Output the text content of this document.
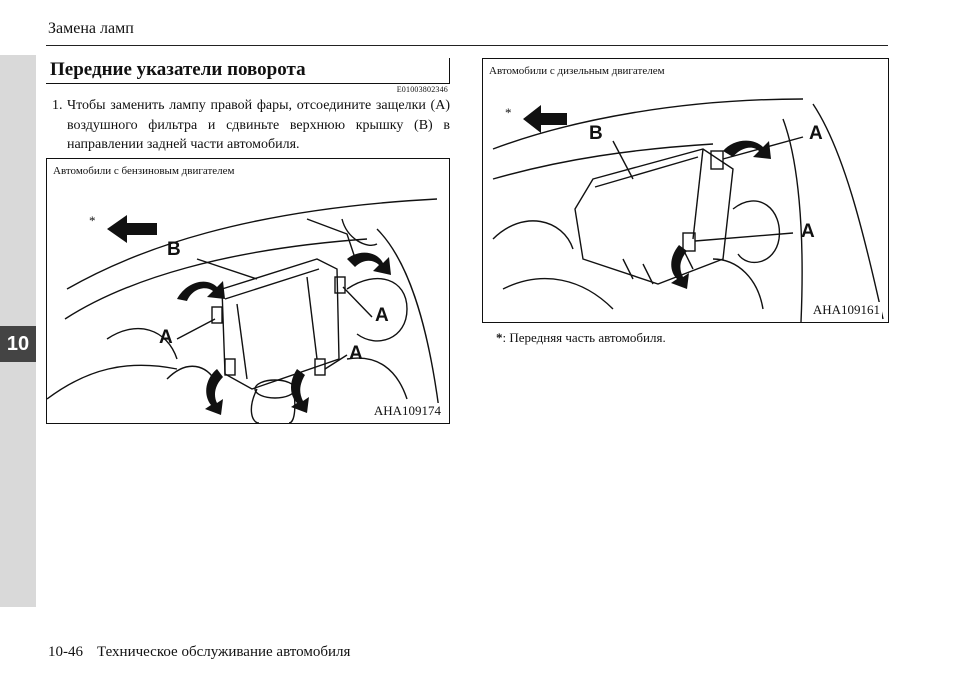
10
Замена ламп
Передние указатели поворота
E01003802346
1. Чтобы заменить лампу правой фары, отсоедините защелки (A) воздушного фильтра и сдвиньте верхнюю крышку (B) в направлении задней части автомобиля.
Автомобили с бензиновым двигателем
*
B
A
A
A
AHA109174
Автомобили с дизельным двигателем
*
B	A
A
AHA109161
*: Передняя часть автомобиля.
10-46 Техническое обслуживание автомобиля
